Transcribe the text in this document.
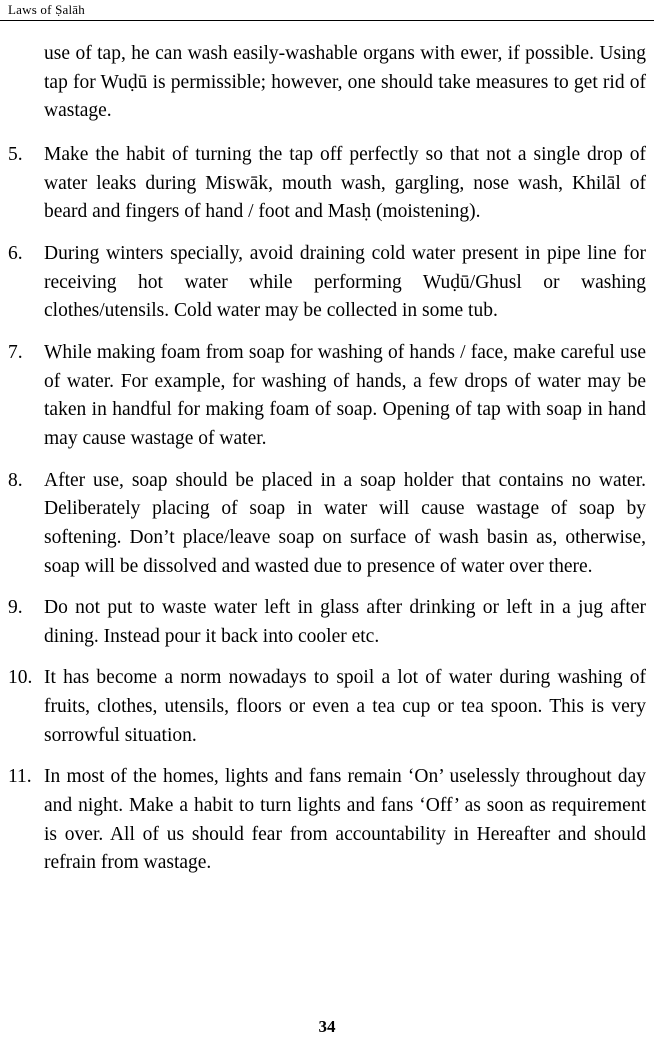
Laws of Ṣalāh
use of tap, he can wash easily-washable organs with ewer, if possible. Using tap for Wuḍū is permissible; however, one should take measures to get rid of wastage.
5.	Make the habit of turning the tap off perfectly so that not a single drop of water leaks during Miswāk, mouth wash, gargling, nose wash, Khilāl of beard and fingers of hand / foot and Masḥ (moistening).
6.	During winters specially, avoid draining cold water present in pipe line for receiving hot water while performing Wuḍū/Ghusl or washing clothes/utensils. Cold water may be collected in some tub.
7.	While making foam from soap for washing of hands / face, make careful use of water. For example, for washing of hands, a few drops of water may be taken in handful for making foam of soap. Opening of tap with soap in hand may cause wastage of water.
8.	After use, soap should be placed in a soap holder that contains no water. Deliberately placing of soap in water will cause wastage of soap by softening. Don’t place/leave soap on surface of wash basin as, otherwise, soap will be dissolved and wasted due to presence of water over there.
9.	Do not put to waste water left in glass after drinking or left in a jug after dining. Instead pour it back into cooler etc.
10. It has become a norm nowadays to spoil a lot of water during washing of fruits, clothes, utensils, floors or even a tea cup or tea spoon. This is very sorrowful situation.
11. In most of the homes, lights and fans remain ‘On’ uselessly throughout day and night. Make a habit to turn lights and fans ‘Off’ as soon as requirement is over. All of us should fear from accountability in Hereafter and should refrain from wastage.
34
